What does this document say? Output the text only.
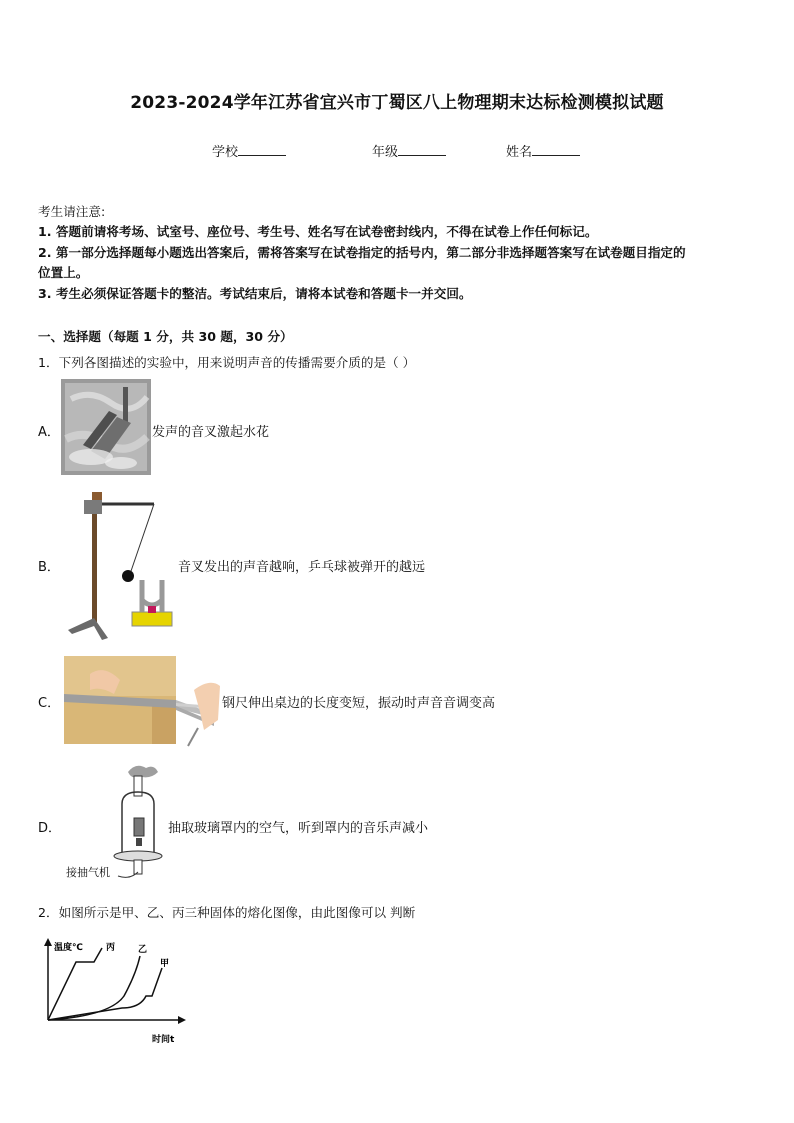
2023-2024学年江苏省宜兴市丁蜀区八上物理期末达标检测模拟试题
学校	年级	姓名
考生请注意:
1. 答题前请将考场、试室号、座位号、考生号、姓名写在试卷密封线内，不得在试卷上作任何标记。
2. 第一部分选择题每小题选出答案后，需将答案写在试卷指定的括号内，第二部分非选择题答案写在试卷题目指定的
位置上。
3. 考生必须保证答题卡的整洁。考试结束后，请将本试卷和答题卡一并交回。
一、选择题（每题 1 分，共 30 题，30 分）
1．下列各图描述的实验中，用来说明声音的传播需要介质的是（ ）
A．	发声的音叉激起水花
B．	音叉发出的声音越响，乒乓球被弹开的越远
C．	钢尺伸出桌边的长度变短，振动时声音音调变高
D．
接抽气机
抽取玻璃罩内的空气，听到罩内的音乐声减小
2．如图所示是甲、乙、丙三种固体的熔化图像，由此图像可以 判断
温度℃
时间t
丙	乙
甲
